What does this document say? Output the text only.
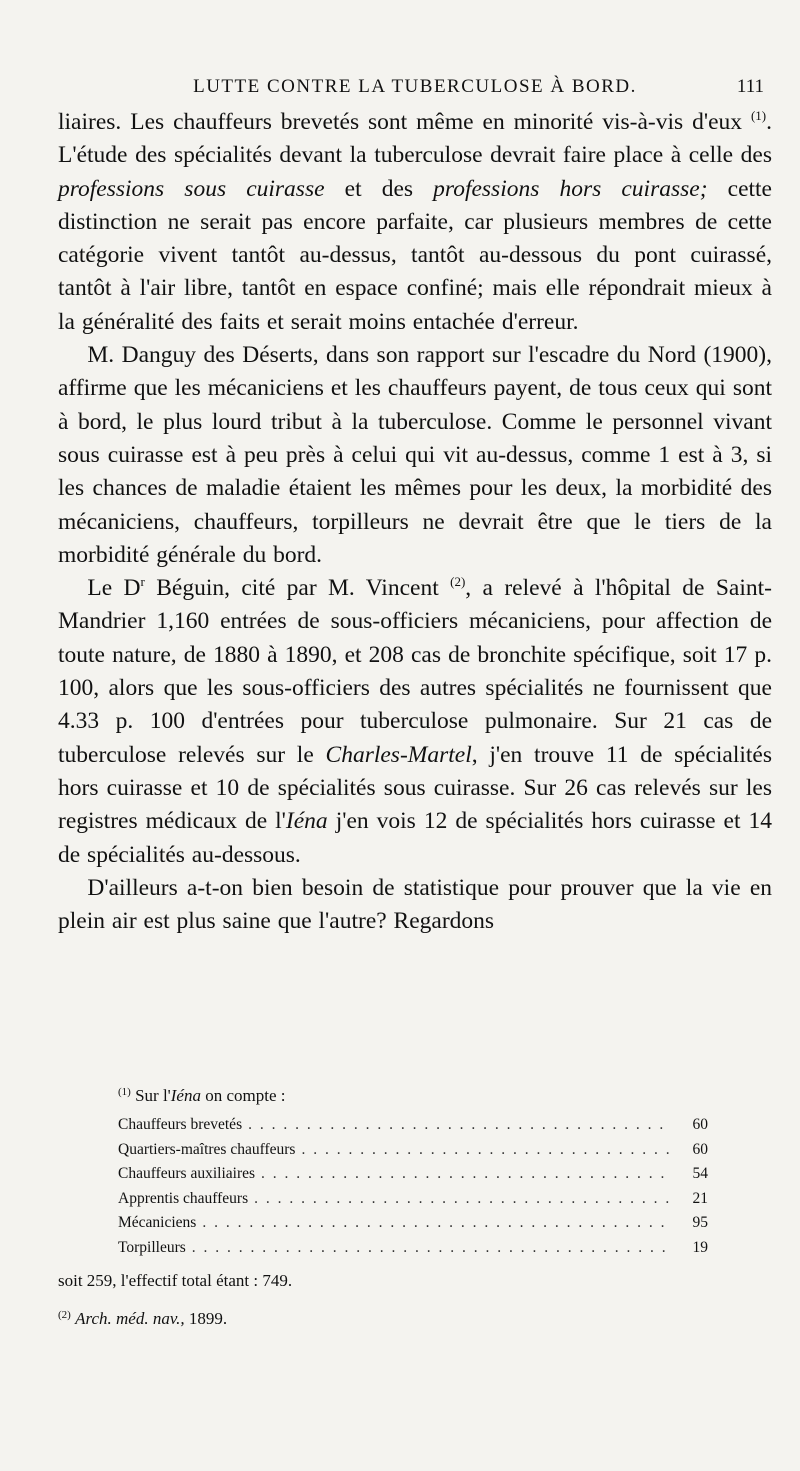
LUTTE CONTRE LA TUBERCULOSE À BORD.	111

liaires. Les chauffeurs brevetés sont même en minorité vis-à-vis d'eux $^{(1)}$. L'étude des spécialités devant la tuberculose devrait faire place à celle des professions sous cuirasse et des professions hors cuirasse; cette distinction ne serait pas encore parfaite, car plusieurs membres de cette catégorie vivent tantôt au-dessus, tantôt au-dessous du pont cuirassé, tantôt à l'air libre, tantôt en espace confiné; mais elle répondrait mieux à la généralité des faits et serait moins entachée d'erreur.

M. Danguy des Déserts, dans son rapport sur l'escadre du Nord (1900), affirme que les mécaniciens et les chauffeurs payent, de tous ceux qui sont à bord, le plus lourd tribut à la tuberculose. Comme le personnel vivant sous cuirasse est à peu près à celui qui vit au-dessus, comme 1 est à 3, si les chances de maladie étaient les mêmes pour les deux, la morbidité des mécaniciens, chauffeurs, torpilleurs ne devrait être que le tiers de la morbidité générale du bord.

Le $D^r$ Béguin, cité par M. Vincent $^{(2)}$, a relevé à l'hôpital de Saint-Mandrier 1,160 entrées de sous-officiers mécaniciens, pour affection de toute nature, de 1880 à 1890, et 208 cas de bronchite spécifique, soit 17 p. 100, alors que les sous-officiers des autres spécialités ne fournissent que 4.33 p. 100 d'entrées pour tuberculose pulmonaire. Sur 21 cas de tuberculose relevés sur le Charles-Martel, j'en trouve 11 de spécialités hors cuirasse et 10 de spécialités sous cuirasse. Sur 26 cas relevés sur les registres médicaux de l'Iéna j'en vois 12 de spécialités hors cuirasse et 14 de spécialités au-dessous.

D'ailleurs a-t-on bien besoin de statistique pour prouver que la vie en plein air est plus saine que l'autre? Regardons

$^{(1)}$ Sur l'Iéna on compte :
Chauffeurs brevetés . . .	60
Quartiers-maîtres chauffeurs . . .	60
Chauffeurs auxiliaires . . .	54
Apprentis chauffeurs . . .	21
Mécaniciens . . .	95
Torpilleurs . . .	19
soit 259, l'effectif total étant : 749.
$^{(2)}$ Arch. méd. nav., 1899.
